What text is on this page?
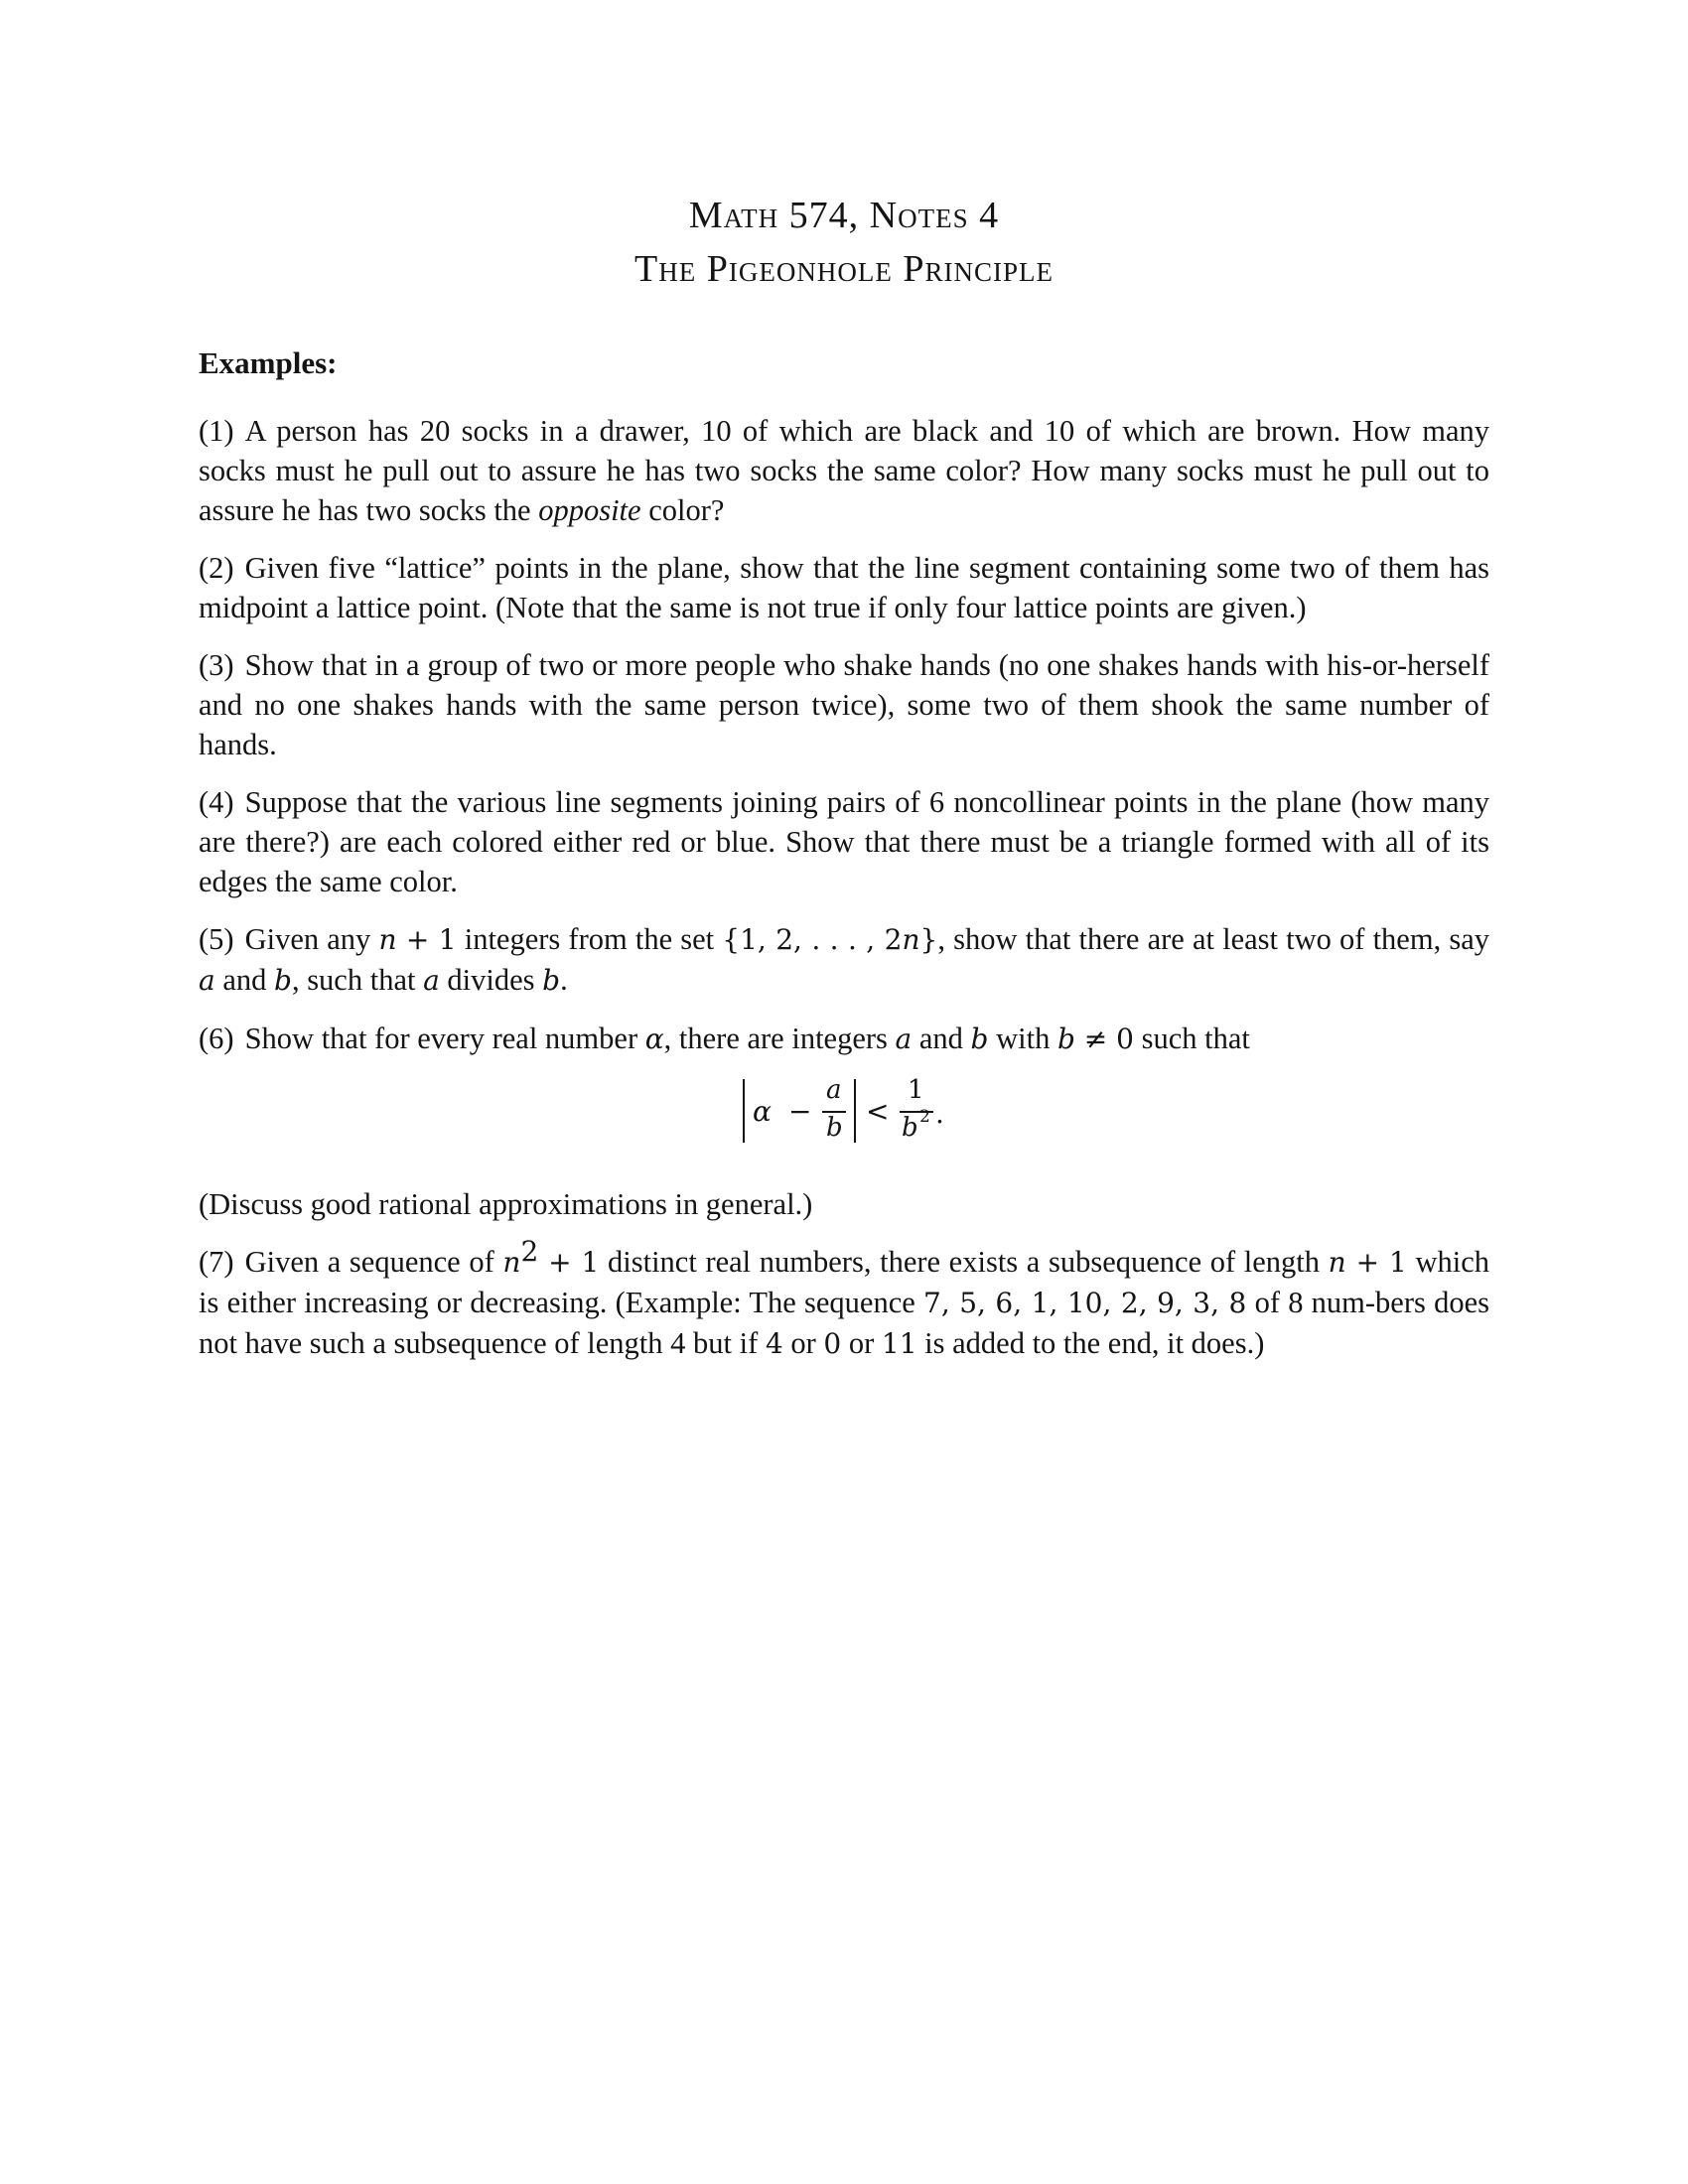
Math 574, Notes 4
The Pigeonhole Principle
Examples:

(1) A person has 20 socks in a drawer, 10 of which are black and 10 of which are brown. How many socks must he pull out to assure he has two socks the same color? How many socks must he pull out to assure he has two socks the opposite color?

(2) Given five “lattice” points in the plane, show that the line segment containing some two of them has midpoint a lattice point. (Note that the same is not true if only four lattice points are given.)

(3) Show that in a group of two or more people who shake hands (no one shakes hands with his-or-herself and no one shakes hands with the same person twice), some two of them shook the same number of hands.

(4) Suppose that the various line segments joining pairs of 6 noncollinear points in the plane (how many are there?) are each colored either red or blue. Show that there must be a triangle formed with all of its edges the same color.

(5) Given any n + 1 integers from the set {1, 2, . . . , 2n}, show that there are at least two of them, say a and b, such that a divides b.

(6) Show that for every real number α, there are integers a and b with b ≠ 0 such that

α −
a
b <
1
b 2 .

(Discuss good rational approximations in general.)

(7) Given a sequence of $n^2 + 1$ distinct real numbers, there exists a subsequence of length n + 1 which is either increasing or decreasing. (Example: The sequence 7, 5, 6, 1, 10, 2, 9, 3, 8 of 8 num-bers does not have such a subsequence of length 4 but if 4 or 0 or 11 is added to the end, it does.)
